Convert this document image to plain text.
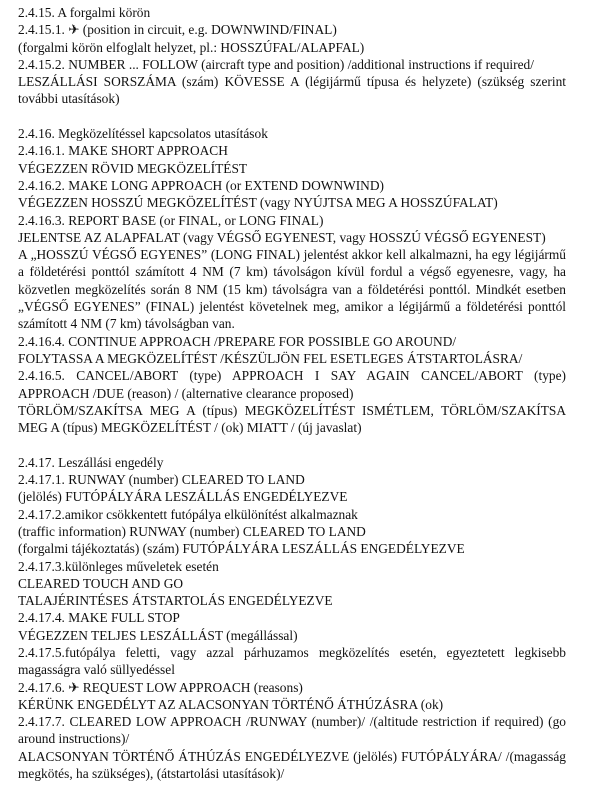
2.4.15. A forgalmi körön

2.4.15.1. ✈ (position in circuit, e.g. DOWNWIND/FINAL)

(forgalmi körön elfoglalt helyzet, pl.: HOSSZÚFAL/ALAPFAL)

2.4.15.2. NUMBER ... FOLLOW (aircraft type and position) /additional instructions if required/

LESZÁLLÁSI SORSZÁMA (szám) KÖVESSE A (légijármű típusa és helyzete) (szükség szerint további utasítások)

2.4.16. Megközelítéssel kapcsolatos utasítások

2.4.16.1. MAKE SHORT APPROACH

VÉGEZZEN RÖVID MEGKÖZELÍTÉST

2.4.16.2. MAKE LONG APPROACH (or EXTEND DOWNWIND)

VÉGEZZEN HOSSZÚ MEGKÖZELÍTÉST (vagy NYÚJTSA MEG A HOSSZÚFALAT)

2.4.16.3. REPORT BASE (or FINAL, or LONG FINAL)

JELENTSE AZ ALAPFALAT (vagy VÉGSŐ EGYENEST, vagy HOSSZÚ VÉGSŐ EGYENEST)

A „HOSSZÚ VÉGSŐ EGYENES” (LONG FINAL) jelentést akkor kell alkalmazni, ha egy légijármű a földetérési ponttól számított 4 NM (7 km) távolságon kívül fordul a végső egyenesre, vagy, ha közvetlen megközelítés során 8 NM (15 km) távolságra van a földetérési ponttól. Mindkét esetben „VÉGSŐ EGYENES” (FINAL) jelentést követelnek meg, amikor a légijármű a földetérési ponttól számított 4 NM (7 km) távolságban van.

2.4.16.4. CONTINUE APPROACH /PREPARE FOR POSSIBLE GO AROUND/

FOLYTASSA A MEGKÖZELÍTÉST /KÉSZÜLJÖN FEL ESETLEGES ÁTSTARTOLÁSRA/

2.4.16.5. CANCEL/ABORT (type) APPROACH I SAY AGAIN CANCEL/ABORT (type) APPROACH /DUE (reason) / (alternative clearance proposed)

TÖRLÖM/SZAKÍTSA MEG A (típus) MEGKÖZELÍTÉST ISMÉTLEM, TÖRLÖM/SZAKÍTSA MEG A (típus) MEGKÖZELÍTÉST / (ok) MIATT / (új javaslat)

2.4.17. Leszállási engedély

2.4.17.1. RUNWAY (number) CLEARED TO LAND

(jelölés) FUTÓPÁLYÁRA LESZÁLLÁS ENGEDÉLYEZVE

2.4.17.2.amikor csökkentett futópálya elkülönítést alkalmaznak

(traffic information) RUNWAY (number) CLEARED TO LAND

(forgalmi tájékoztatás) (szám) FUTÓPÁLYÁRA LESZÁLLÁS ENGEDÉLYEZVE

2.4.17.3.különleges műveletek esetén

CLEARED TOUCH AND GO

TALAJÉRINTÉSES ÁTSTARTOLÁS ENGEDÉLYEZVE

2.4.17.4. MAKE FULL STOP

VÉGEZZEN TELJES LESZÁLLÁST (megállással)

2.4.17.5.futópálya feletti, vagy azzal párhuzamos megközelítés esetén, egyeztetett legkisebb magasságra való süllyedéssel

2.4.17.6. ✈ REQUEST LOW APPROACH (reasons)

KÉRÜNK ENGEDÉLYT AZ ALACSONYAN TÖRTÉNŐ ÁTHÚZÁSRA (ok)

2.4.17.7. CLEARED LOW APPROACH /RUNWAY (number)/ /(altitude restriction if required) (go around instructions)/

ALACSONYAN TÖRTÉNŐ ÁTHÚZÁS ENGEDÉLYEZVE (jelölés) FUTÓPÁLYÁRA/ /(magasság megkötés, ha szükséges), (átstartolási utasítások)/
